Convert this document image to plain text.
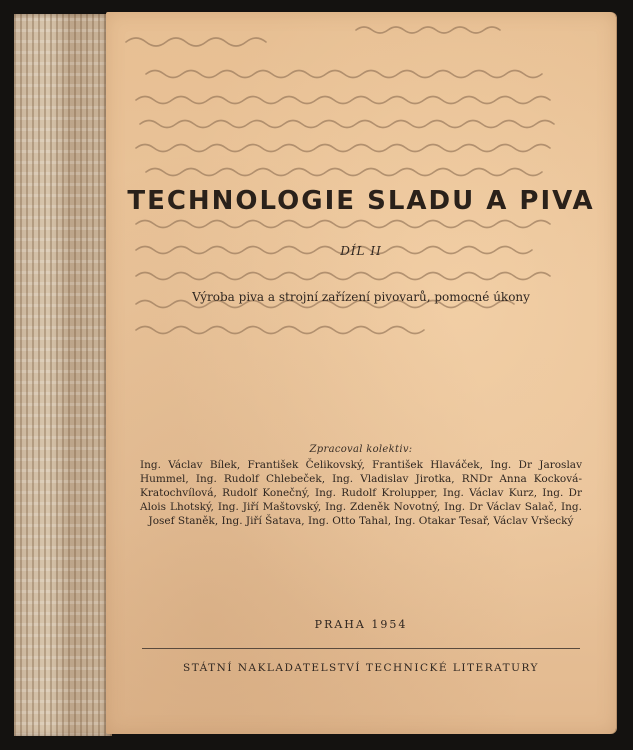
TECHNOLOGIE SLADU A PIVA
DÍL II
Výroba piva a strojní zařízení pivovarů, pomocné úkony
Zpracoval kolektiv:
Ing. Václav Bílek, František Čelikovský, František Hlaváček, Ing. Dr Jaroslav Hummel, Ing. Rudolf Chlebeček, Ing. Vladislav Jirotka, RNDr Anna Kocková-Kratochvílová, Rudolf Konečný, Ing. Rudolf Krolupper, Ing. Václav Kurz, Ing. Dr Alois Lhotský, Ing. Jiří Maštovský, Ing. Zdeněk Novotný, Ing. Dr Václav Salač, Ing. Josef Staněk, Ing. Jiří Šatava, Ing. Otto Tahal, Ing. Otakar Tesař, Václav Vršecký
PRAHA 1954
STÁTNÍ NAKLADATELSTVÍ TECHNICKÉ LITERATURY
